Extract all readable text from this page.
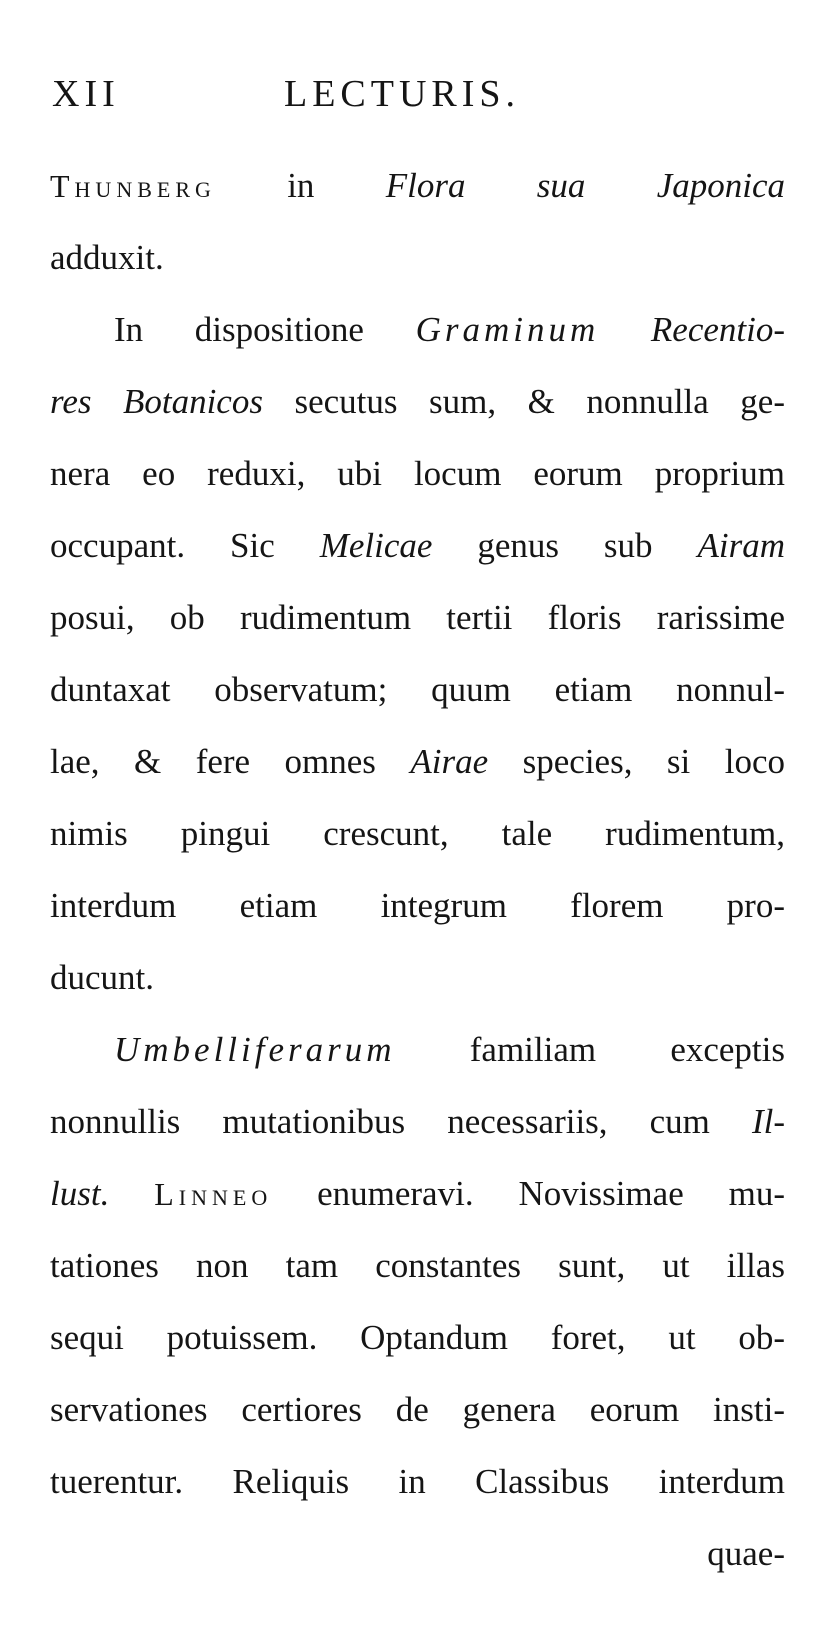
XII	LECTURIS.
Thunberg in Flora sua Japonica
adduxit.
In dispositione Graminum Recentio-
res Botanicos secutus sum, & nonnulla ge-
nera eo reduxi, ubi locum eorum proprium
occupant. Sic Melicae genus sub Airam
posui, ob rudimentum tertii floris rarissime
duntaxat observatum; quum etiam nonnul-
lae, & fere omnes Airae species, si loco
nimis pingui crescunt, tale rudimentum,
interdum etiam integrum florem pro-
ducunt.
Umbelliferarum familiam exceptis
nonnullis mutationibus necessariis, cum Il-
lust. Linneo enumeravi. Novissimae mu-
tationes non tam constantes sunt, ut illas
sequi potuissem. Optandum foret, ut ob-
servationes certiores de genera eorum insti-
tuerentur. Reliquis in Classibus interdum
quae-
